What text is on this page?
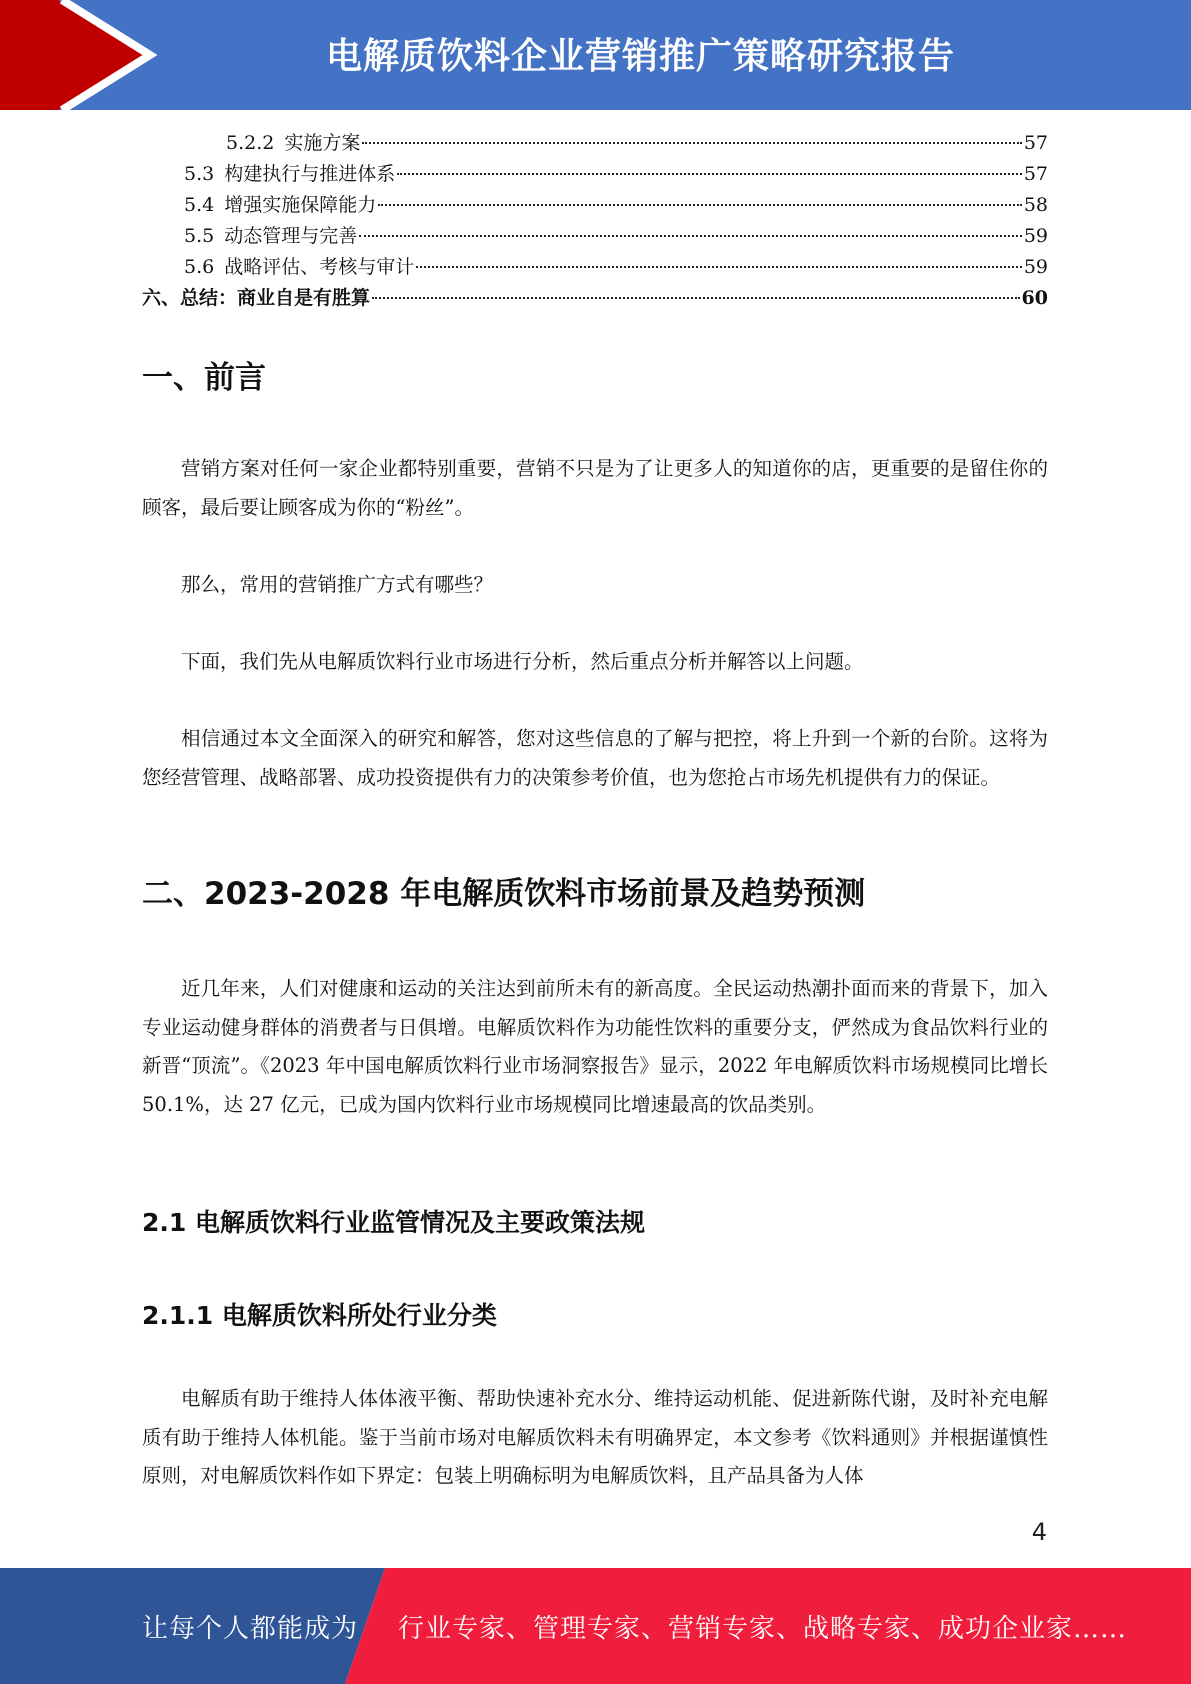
电解质饮料企业营销推广策略研究报告
5.2.2 实施方案	57
5.3 构建执行与推进体系	57
5.4 增强实施保障能力	58
5.5 动态管理与完善	59
5.6 战略评估、考核与审计	59
六、总结：商业自是有胜算	60
一、前言

营销方案对任何一家企业都特别重要，营销不只是为了让更多人的知道你的店，更重要的是留住你的顾客，最后要让顾客成为你的“粉丝”。

那么，常用的营销推广方式有哪些？

下面，我们先从电解质饮料行业市场进行分析，然后重点分析并解答以上问题。

相信通过本文全面深入的研究和解答，您对这些信息的了解与把控，将上升到一个新的台阶。这将为您经营管理、战略部署、成功投资提供有力的决策参考价值，也为您抢占市场先机提供有力的保证。

二、2023-2028 年电解质饮料市场前景及趋势预测

近几年来，人们对健康和运动的关注达到前所未有的新高度。全民运动热潮扑面而来的背景下，加入专业运动健身群体的消费者与日俱增。电解质饮料作为功能性饮料的重要分支，俨然成为食品饮料行业的新晋“顶流”。《2023 年中国电解质饮料行业市场洞察报告》显示，2022 年电解质饮料市场规模同比增长 50.1%，达 27 亿元，已成为国内饮料行业市场规模同比增速最高的饮品类别。

2.1 电解质饮料行业监管情况及主要政策法规
2.1.1 电解质饮料所处行业分类

电解质有助于维持人体体液平衡、帮助快速补充水分、维持运动机能、促进新陈代谢，及时补充电解质有助于维持人体机能。鉴于当前市场对电解质饮料未有明确界定，本文参考《饮料通则》并根据谨慎性原则，对电解质饮料作如下界定：包装上明确标明为电解质饮料，且产品具备为人体

4
让每个人都能成为 行业专家、管理专家、营销专家、战略专家、成功企业家……
